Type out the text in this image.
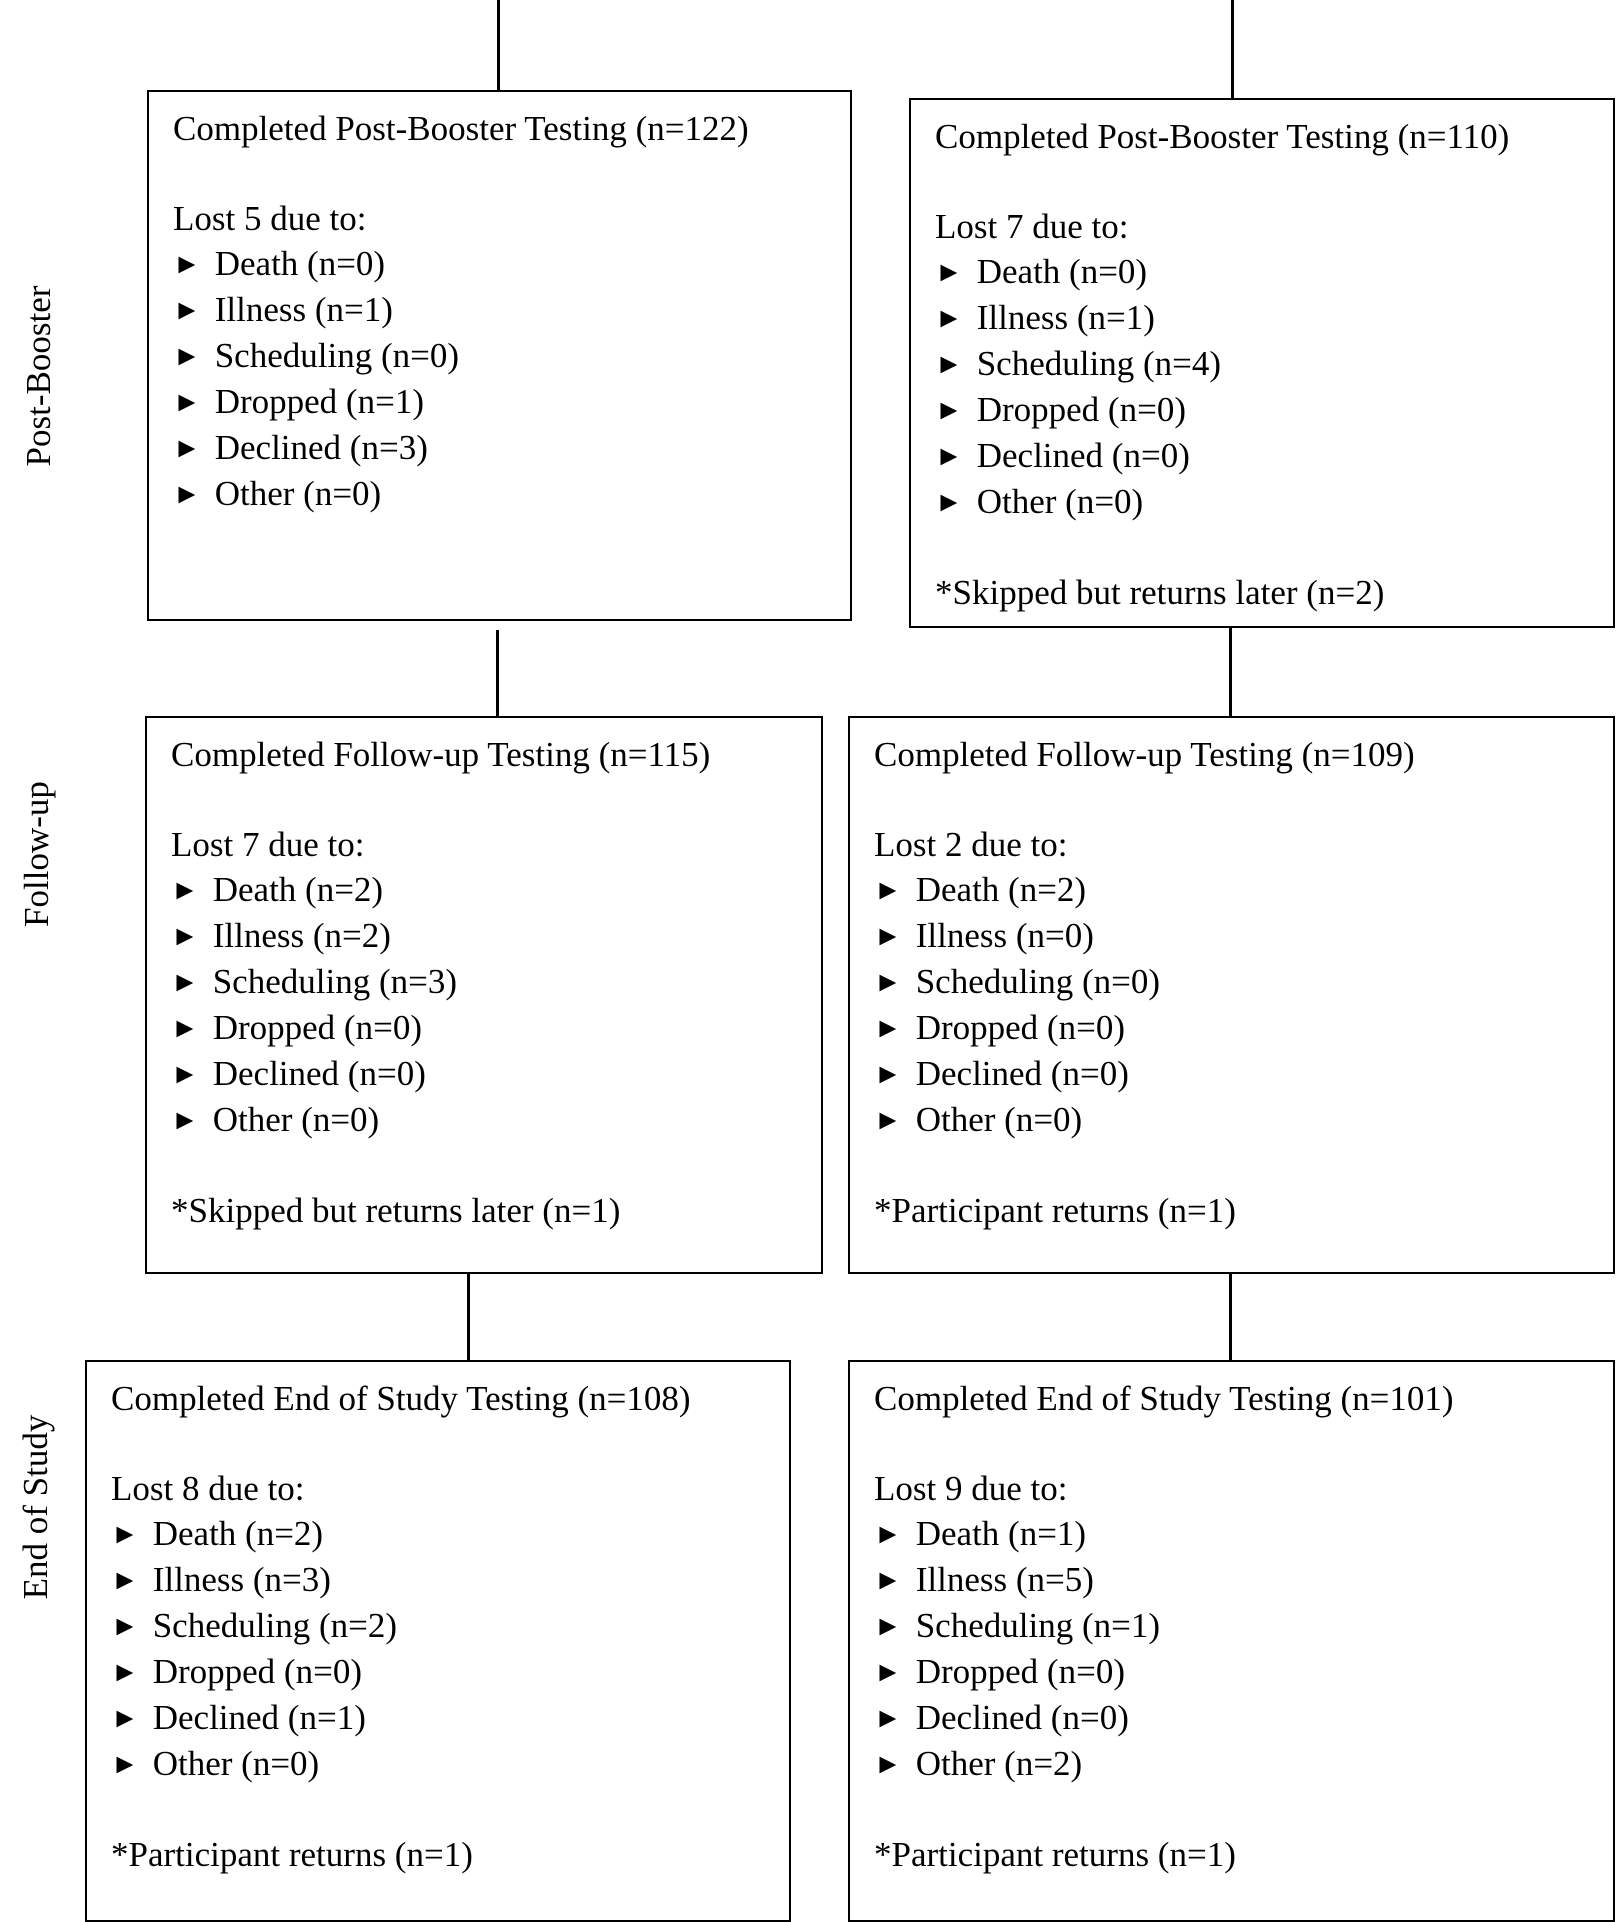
Post-Booster
Follow-up
End of Study
Completed Post-Booster Testing (n=122)
Lost 5 due to:
► Death (n=0)
► Illness (n=1)
► Scheduling (n=0)
► Dropped (n=1)
► Declined (n=3)
► Other (n=0)
Completed Post-Booster Testing (n=110)
Lost 7 due to:
► Death (n=0)
► Illness (n=1)
► Scheduling (n=4)
► Dropped (n=0)
► Declined (n=0)
► Other (n=0)
*Skipped but returns later (n=2)
Completed Follow-up Testing (n=115)
Lost 7 due to:
► Death (n=2)
► Illness (n=2)
► Scheduling (n=3)
► Dropped (n=0)
► Declined (n=0)
► Other (n=0)
*Skipped but returns later (n=1)
Completed Follow-up Testing (n=109)
Lost 2 due to:
► Death (n=2)
► Illness (n=0)
► Scheduling (n=0)
► Dropped (n=0)
► Declined (n=0)
► Other (n=0)
*Participant returns (n=1)
Completed End of Study Testing (n=108)
Lost 8 due to:
► Death (n=2)
► Illness (n=3)
► Scheduling (n=2)
► Dropped (n=0)
► Declined (n=1)
► Other (n=0)
*Participant returns (n=1)
Completed End of Study Testing (n=101)
Lost 9 due to:
► Death (n=1)
► Illness (n=5)
► Scheduling (n=1)
► Dropped (n=0)
► Declined (n=0)
► Other (n=2)
*Participant returns (n=1)
